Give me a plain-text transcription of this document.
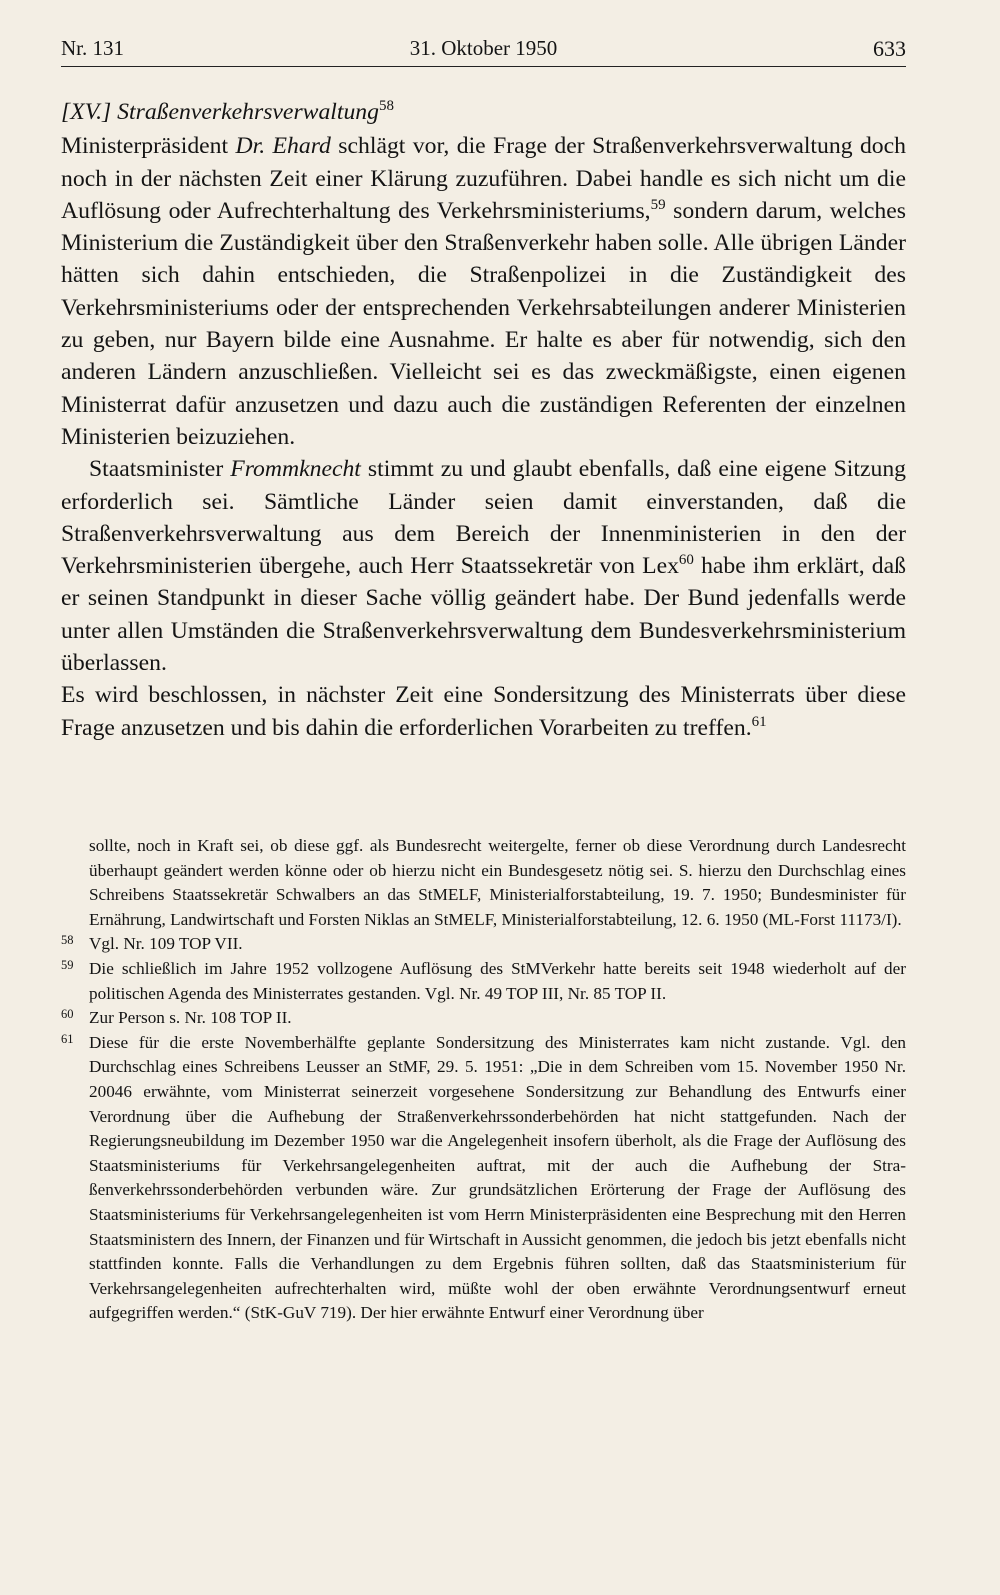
Nr. 131	31. Oktober 1950	633

[XV.] Straßenverkehrsverwaltung$^{58}$

Ministerpräsident Dr. Ehard schlägt vor, die Frage der Straßenverkehrsverwaltung doch noch in der nächsten Zeit einer Klärung zuzuführen. Dabei handle es sich nicht um die Auflösung oder Aufrechterhaltung des Verkehrsministeriums,$^{59}$ sondern darum, welches Ministerium die Zuständigkeit über den Straßenverkehr haben solle. Alle übrigen Länder hätten sich dahin entschieden, die Straßenpolizei in die Zuständigkeit des Verkehrsministeriums oder der entsprechenden Verkehrsabteilungen anderer Ministerien zu geben, nur Bayern bilde eine Ausnahme. Er halte es aber für notwendig, sich den anderen Ländern anzuschließen. Vielleicht sei es das zweckmäßigste, einen eigenen Ministerrat dafür anzusetzen und dazu auch die zuständigen Referenten der einzelnen Ministerien beizuziehen.

Staatsminister Frommknecht stimmt zu und glaubt ebenfalls, daß eine eigene Sitzung erforderlich sei. Sämtliche Länder seien damit einverstanden, daß die Straßenverkehrsverwaltung aus dem Bereich der Innenministerien in den der Verkehrsministerien übergehe, auch Herr Staatssekretär von Lex$^{60}$ habe ihm erklärt, daß er seinen Standpunkt in dieser Sache völlig geändert habe. Der Bund jedenfalls werde unter allen Umständen die Straßenverkehrsverwaltung dem Bundesverkehrsministerium überlassen.

Es wird beschlossen, in nächster Zeit eine Sondersitzung des Ministerrats über diese Frage anzusetzen und bis dahin die erforderlichen Vorarbeiten zu treffen.$^{61}$

sollte, noch in Kraft sei, ob diese ggf. als Bundesrecht weitergelte, ferner ob diese Verordnung durch Landesrecht überhaupt geändert werden könne oder ob hierzu nicht ein Bundesgesetz nötig sei. S. hierzu den Durchschlag eines Schreibens Staatssekretär Schwalbers an das StMELF, Ministerialforstabteilung, 19. 7. 1950; Bundesminister für Ernährung, Landwirtschaft und Forsten Niklas an StMELF, Ministerialforstabteilung, 12. 6. 1950 (ML-Forst 11173/I).

58 Vgl. Nr. 109 TOP VII.

59 Die schließlich im Jahre 1952 vollzogene Auflösung des StMVerkehr hatte bereits seit 1948 wiederholt auf der politischen Agenda des Ministerrates gestanden. Vgl. Nr. 49 TOP III, Nr. 85 TOP II.

60 Zur Person s. Nr. 108 TOP II.

61 Diese für die erste Novemberhälfte geplante Sondersitzung des Ministerrates kam nicht zustande. Vgl. den Durchschlag eines Schreibens Leusser an StMF, 29. 5. 1951: „Die in dem Schreiben vom 15. November 1950 Nr. 20046 erwähnte, vom Ministerrat seinerzeit vorgesehene Sondersitzung zur Behandlung des Entwurfs einer Verordnung über die Aufhebung der Straßenverkehrssonderbehörden hat nicht stattgefunden. Nach der Regierungsneubildung im Dezember 1950 war die Angelegenheit insofern überholt, als die Frage der Auflösung des Staatsministeriums für Verkehrsangelegenheiten auftrat, mit der auch die Aufhebung der Straßenverkehrssonderbehörden verbunden wäre. Zur grundsätzlichen Erörterung der Frage der Auflösung des Staatsministeriums für Verkehrsangelegenheiten ist vom Herrn Ministerpräsidenten eine Besprechung mit den Herren Staatsministern des Innern, der Finanzen und für Wirtschaft in Aussicht genommen, die jedoch bis jetzt ebenfalls nicht stattfinden konnte. Falls die Verhandlungen zu dem Ergebnis führen sollten, daß das Staatsministerium für Verkehrsangelegenheiten aufrechterhalten wird, müßte wohl der oben erwähnte Verordnungsentwurf erneut aufgegriffen werden.“ (StK-GuV 719). Der hier erwähnte Entwurf einer Verordnung über
